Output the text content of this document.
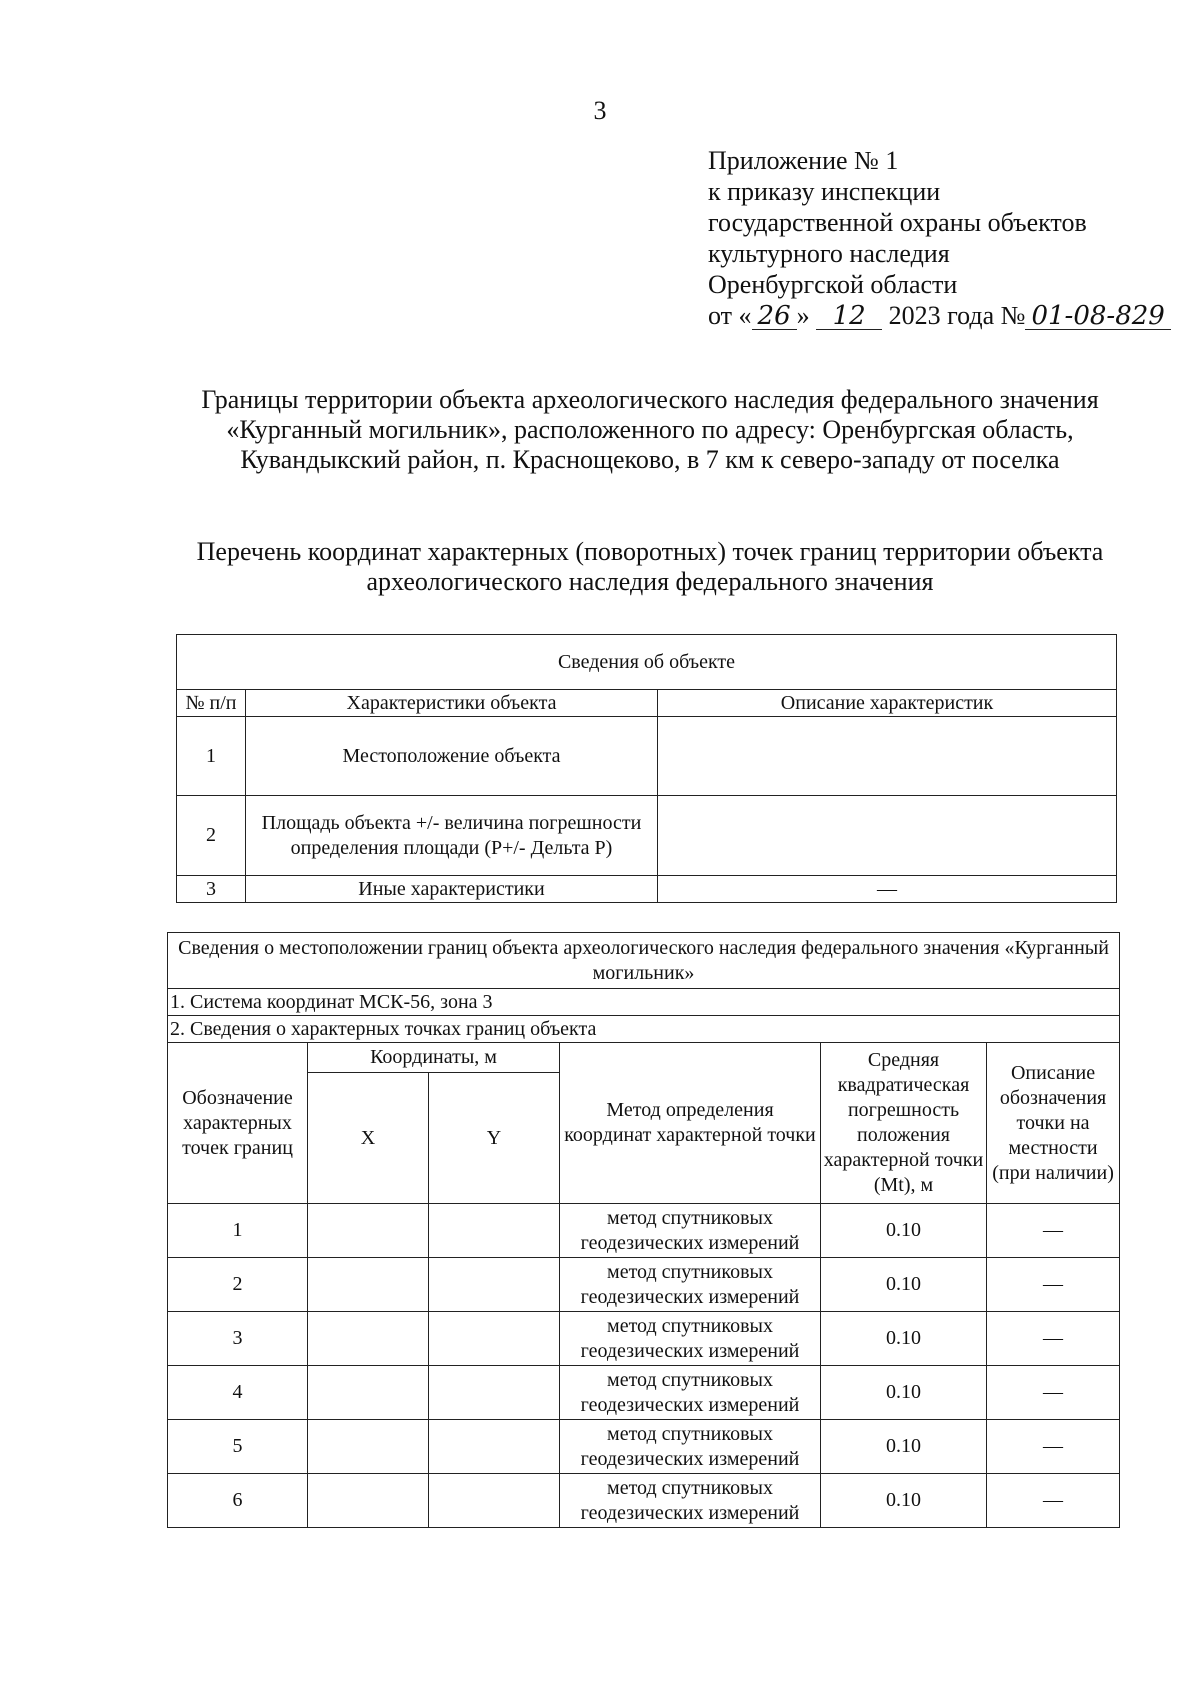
3
Приложение № 1
к приказу инспекции
государственной охраны объектов
культурного наследия
Оренбургской области
от « 26 » 12 2023 года № 01-08-829
Границы территории объекта археологического наследия федерального значения «Курганный могильник», расположенного по адресу: Оренбургская область, Кувандыкский район, п. Краснощеково, в 7 км к северо-западу от поселка
Перечень координат характерных (поворотных) точек границ территории объекта археологического наследия федерального значения
Сведения об объекте		
№ п/п	Характеристики объекта	Описание характеристик
1	Местоположение объекта	
2	Площадь объекта +/- величина погрешности определения площади (Р+/- Дельта Р)	
3	Иные характеристики	—
Сведения о местоположении границ объекта археологического наследия федерального значения «Курганный могильник»					
1. Система координат МСК-56, зона 3					
2. Сведения о характерных точках границ объекта					
Обозначение характерных точек границ	Координаты, м		Метод определения координат характерной точки	Средняя квадратическая погрешность положения характерной точки (Mt), м	Описание обозначения точки на местности (при наличии)
	X	Y			
1			метод спутниковых геодезических измерений	0.10	—
2			метод спутниковых геодезических измерений	0.10	—
3			метод спутниковых геодезических измерений	0.10	—
4			метод спутниковых геодезических измерений	0.10	—
5			метод спутниковых геодезических измерений	0.10	—
6			метод спутниковых геодезических измерений	0.10	—
